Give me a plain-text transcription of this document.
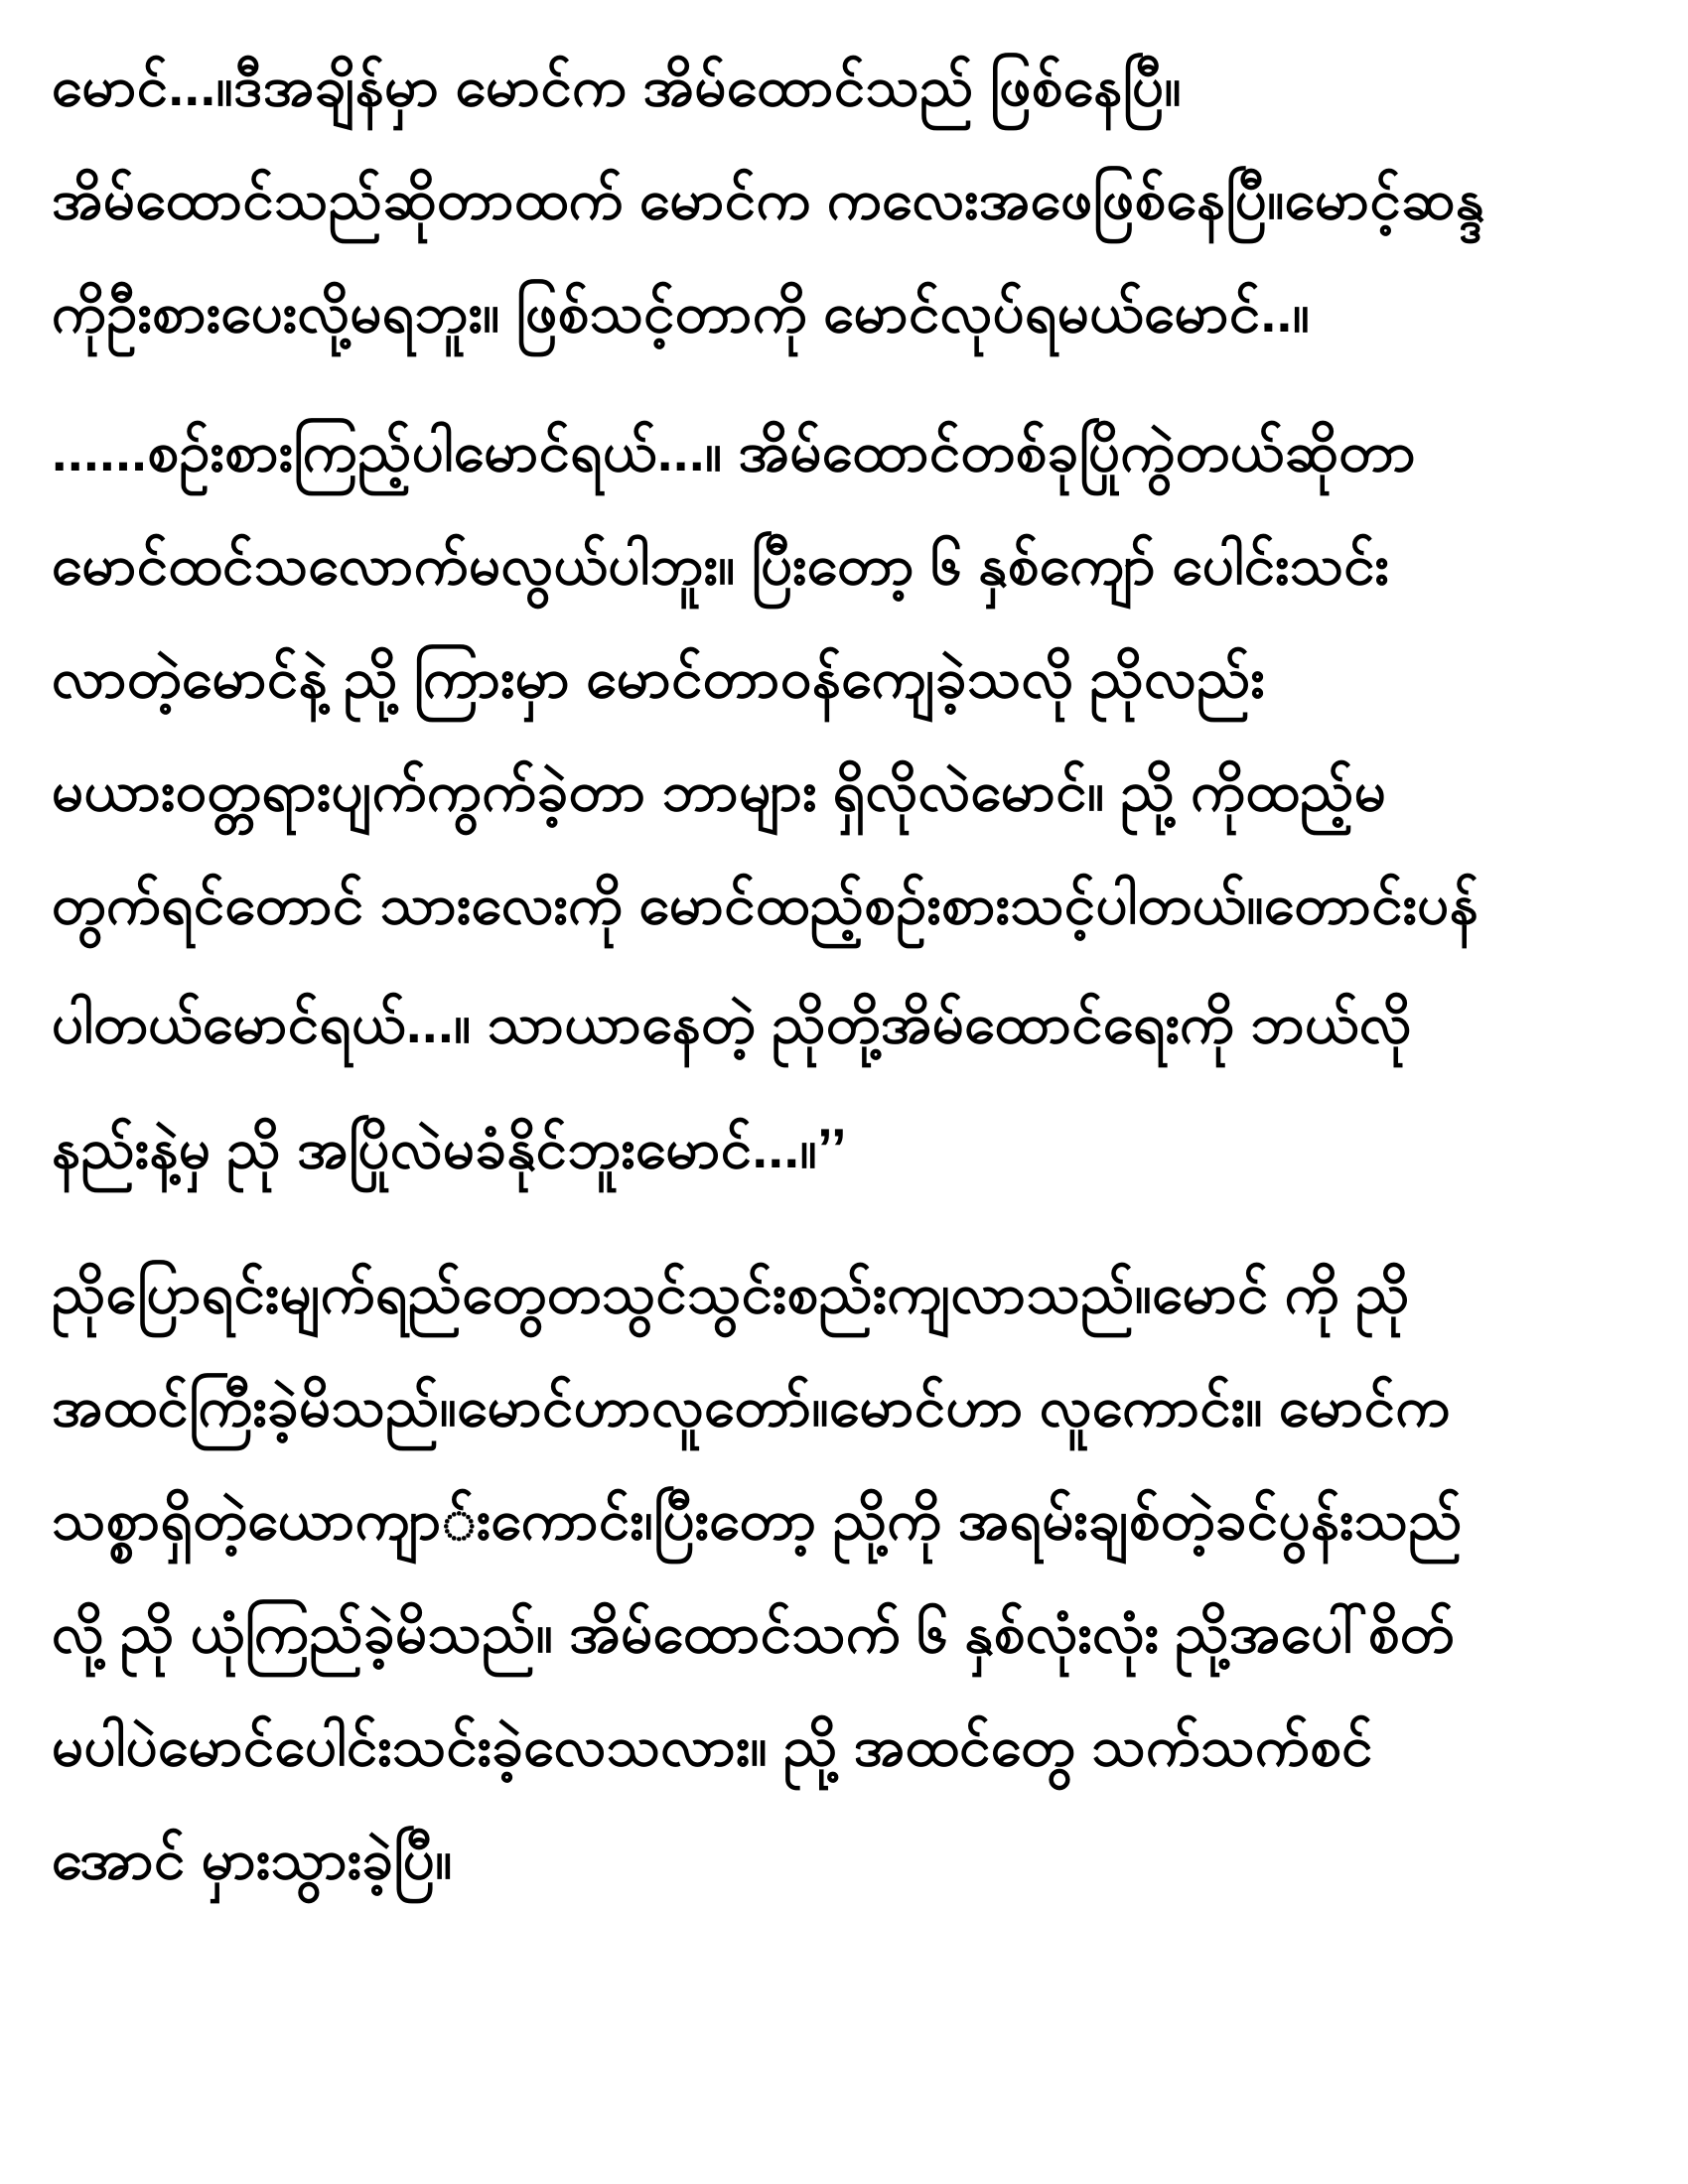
မောင်...။ဒီအချိန်မှာ မောင်က အိမ်ထောင်သည် ဖြစ်နေပြီ။
အိမ်ထောင်သည်ဆိုတာထက် မောင်က ကလေးအဖေဖြစ်နေပြီ။မောင့်ဆန္ဒ
ကိုဦးစားပေးလို့မရဘူး။ ဖြစ်သင့်တာကို မောင်လုပ်ရမယ်မောင်..။
......စဉ်းစားကြည့်ပါမောင်ရယ်...။ အိမ်ထောင်တစ်ခုပြိုကွဲတယ်ဆိုတာ
မောင်ထင်သလောက်မလွယ်ပါဘူး။ ပြီးတော့ ၆ နှစ်ကျော် ပေါင်းသင်း
လာတဲ့မောင်နဲ့ ညို့ ကြားမှာ မောင်တာဝန်ကျေခဲ့သလို ညိုလည်း
မယားဝတ္တရားပျက်ကွက်ခဲ့တာ ဘာများ ရှိလိုလဲမောင်။ ညို့ ကိုထည့်မ
တွက်ရင်တောင် သားလေးကို မောင်ထည့်စဉ်းစားသင့်ပါတယ်။တောင်းပန်
ပါတယ်မောင်ရယ်...။ သာယာနေတဲ့ ညိုတို့အိမ်ထောင်ရေးကို ဘယ်လို
နည်းနဲ့မှ ညို အပြိုလဲမခံနိုင်ဘူးမောင်...။’’
ညိုပြောရင်းမျက်ရည်တွေတသွင်သွင်းစည်းကျလာသည်။မောင် ကို ညို
အထင်ကြီးခဲ့မိသည်။မောင်ဟာလူတော်။မောင်ဟာ လူကောင်း။ မောင်က
သစ္စာရှိတဲ့ယောကျာ◌်းကောင်း၊ပြီးတော့ ညို့ကို အရမ်းချစ်တဲ့ခင်ပွန်းသည်
လို့ ညို ယုံကြည်ခဲ့မိသည်။ အိမ်ထောင်သက် ၆ နှစ်လုံးလုံး ညို့အပေါ်စိတ်
မပါပဲမောင်ပေါင်းသင်းခဲ့လေသလား။ ညို့ အထင်တွေ သက်သက်စင်
အောင် မှားသွားခဲ့ပြီ။
